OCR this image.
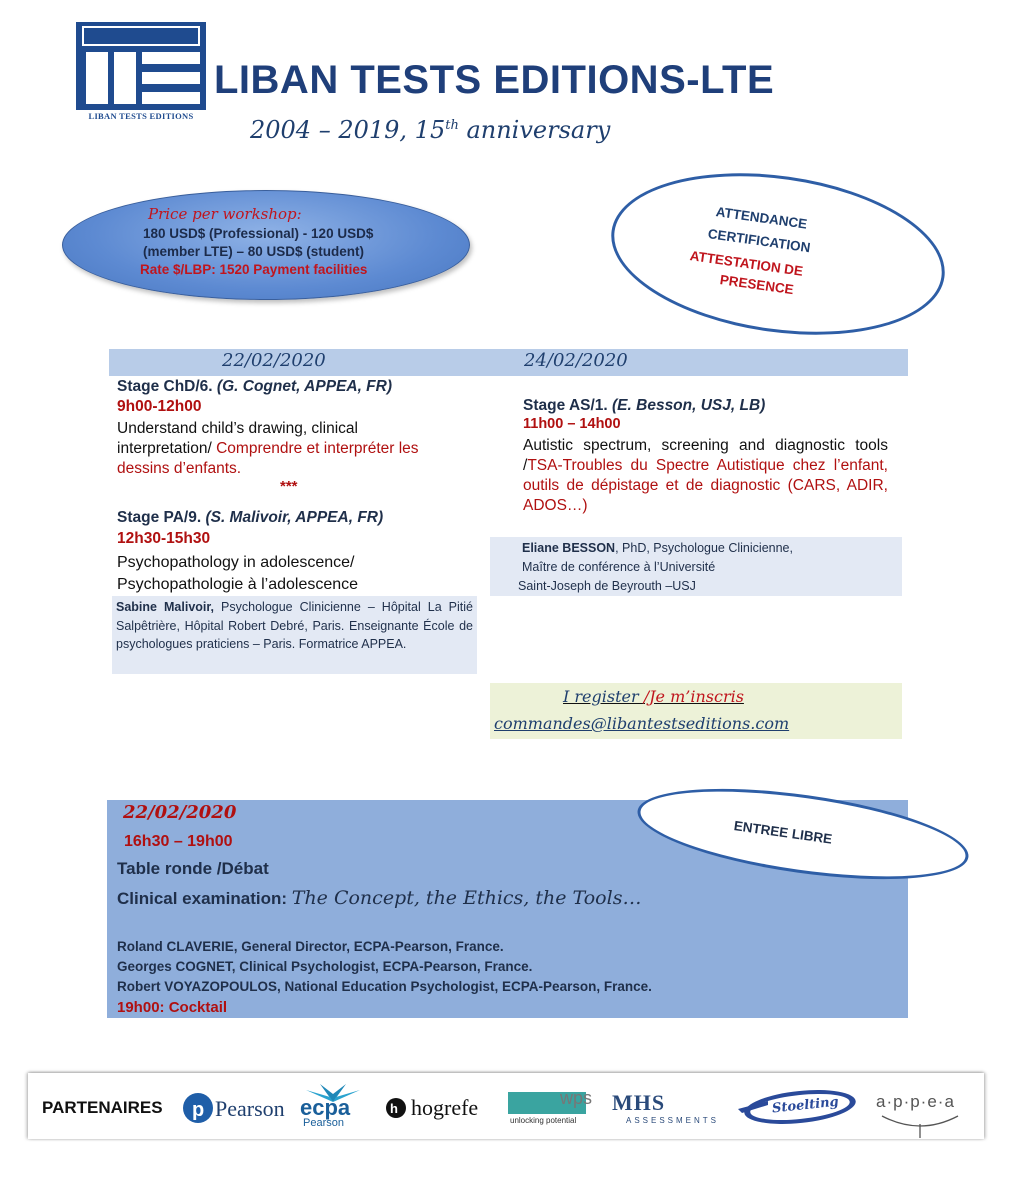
LIBAN TESTS EDITIONS
LIBAN TESTS EDITIONS-LTE
2004 – 2019, 15th anniversary
Price per workshop:
180 USD$ (Professional) - 120 USD$
(member LTE) – 80 USD$ (student)
Rate $/LBP: 1520 Payment facilities
ATTENDANCE
CERTIFICATION
ATTESTATION DE
PRESENCE
22/02/2020	24/02/2020
Stage ChD/6. (G. Cognet, APPEA, FR)
9h00-12h00
Understand child’s drawing, clinical interpretation/ Comprendre et interpréter les dessins d’enfants.
***
Stage PA/9. (S. Malivoir, APPEA, FR)
12h30-15h30
Psychopathology in adolescence/
Psychopathologie à l’adolescence
Sabine Malivoir, Psychologue Clinicienne – Hôpital La Pitié Salpêtrière, Hôpital Robert Debré, Paris. Enseignante École de psychologues praticiens – Paris. Formatrice APPEA.
Stage AS/1. (E. Besson, USJ, LB)
11h00 – 14h00
Autistic spectrum, screening and diagnostic tools /TSA-Troubles du Spectre Autistique chez l’enfant, outils de dépistage et de diagnostic (CARS, ADIR, ADOS…)
Eliane BESSON, PhD, Psychologue Clinicienne,
Maître de conférence à l’Université
Saint-Joseph de Beyrouth –USJ
I register /Je m’inscris
commandes@libantestseditions.com
ENTREE LIBRE
22/02/2020
16h30 – 19h00
Table ronde /Débat
Clinical examination: The Concept, the Ethics, the Tools…
Roland CLAVERIE, General Director, ECPA-Pearson, France.
Georges COGNET, Clinical Psychologist, ECPA-Pearson, France.
Robert VOYAZOPOULOS, National Education Psychologist, ECPA-Pearson, France.
19h00: Cocktail
PARTENAIRES p Pearson ecpa
Pearson
h hogrefe	wps
unlocking potential
MHS
ASSESSMENTS
Stoelting a·p·p·e·a
